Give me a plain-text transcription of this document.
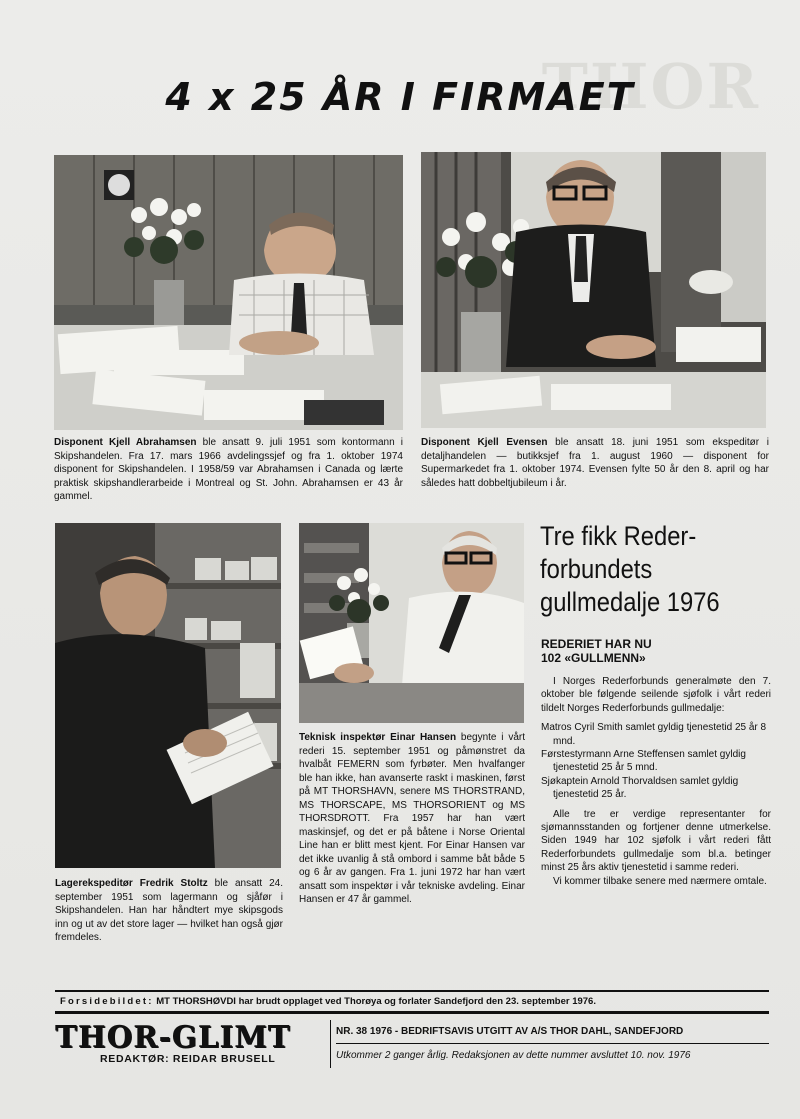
THOR
4 x 25 ÅR I FIRMAET

Disponent Kjell Abrahamsen ble ansatt 9. juli 1951 som kontormann i Skipshandelen. Fra 17. mars 1966 avdelingssjef og fra 1. oktober 1974 disponent for Skipshandelen. I 1958/59 var Abrahamsen i Canada og lærte praktisk skipshandlerarbeide i Montreal og St. John. Abrahamsen er 43 år gammel.

Disponent Kjell Evensen ble ansatt 18. juni 1951 som ekspeditør i detaljhandelen — butikksjef fra 1. august 1960 — disponent for Supermarkedet fra 1. oktober 1974. Evensen fylte 50 år den 8. april og har således hatt dobbeltjubileum i år.

Lagerekspeditør Fredrik Stoltz ble ansatt 24. september 1951 som lagermann og sjåfør i Skipshandelen. Han har håndtert mye skipsgods inn og ut av det store lager — hvilket han også gjør fremdeles.

Teknisk inspektør Einar Hansen begynte i vårt rederi 15. september 1951 og påmønstret da hvalbåt FEMERN som fyrbøter. Men hvalfanger ble han ikke, han avanserte raskt i maskinen, først på MT THORSHAVN, senere MS THORSTRAND, MS THORSCAPE, MS THORSORIENT og MS THORSDROTT. Fra 1957 har han vært maskinsjef, og det er på båtene i Norse Oriental Line han er blitt mest kjent. For Einar Hansen var det ikke uvanlig å stå ombord i samme båt både 5 og 6 år av gangen. Fra 1. juni 1972 har han vært ansatt som inspektør i vår tekniske avdeling. Einar Hansen er 47 år gammel.

Tre fikk Reder-
forbundets
gullmedalje 1976
REDERIET HAR NU
102 «GULLMENN»

I Norges Rederforbunds generalmøte den 7. oktober ble følgende seilende sjøfolk i vårt rederi tildelt Norges Rederforbunds gullmedalje:

Matros Cyril Smith samlet gyldig tjenestetid 25 år 8 mnd.

Førstestyrmann Arne Steffensen samlet gyldig tjenestetid 25 år 5 mnd.

Sjøkaptein Arnold Thorvaldsen samlet gyldig tjenestetid 25 år.

Alle tre er verdige representanter for sjømannsstanden og fortjener denne utmerkelse. Siden 1949 har 102 sjøfolk i vårt rederi fått Rederforbundets gullmedalje som bl.a. betinger minst 25 års aktiv tjenestetid i samme rederi.

Vi kommer tilbake senere med nærmere omtale.

Forsidebildet: MT THORSHØVDI har brudt opplaget ved Thorøya og forlater Sandefjord den 23. september 1976.
THOR-GLIMT
REDAKTØR: REIDAR BRUSELL
NR. 38 1976 - BEDRIFTSAVIS UTGITT AV A/S THOR DAHL, SANDEFJORD
Utkommer 2 ganger årlig. Redaksjonen av dette nummer avsluttet 10. nov. 1976
